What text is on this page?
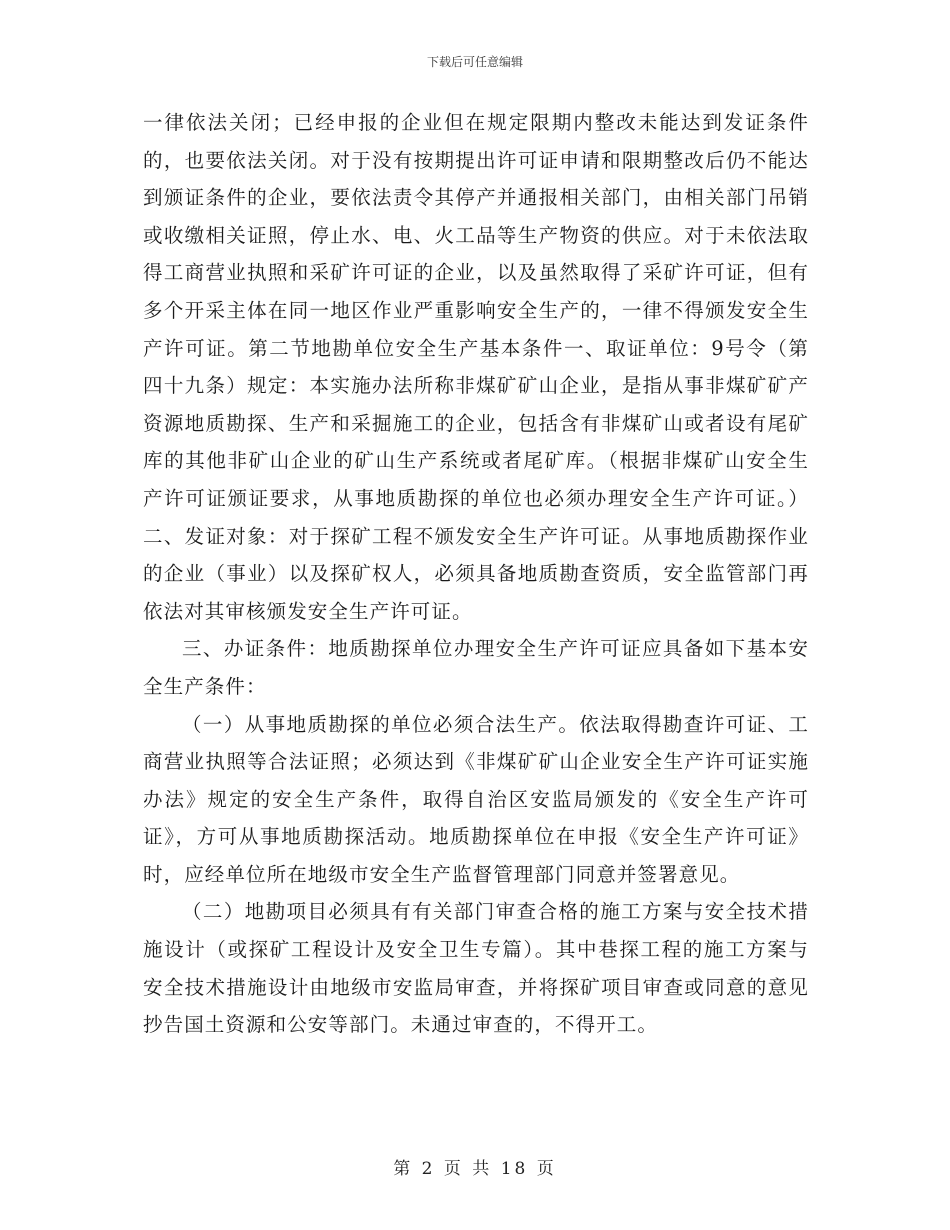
下载后可任意编辑

一律依法关闭；已经申报的企业但在规定限期内整改未能达到发证条件的，也要依法关闭。对于没有按期提出许可证申请和限期整改后仍不能达到颁证条件的企业，要依法责令其停产并通报相关部门，由相关部门吊销或收缴相关证照，停止水、电、火工品等生产物资的供应。对于未依法取得工商营业执照和采矿许可证的企业，以及虽然取得了采矿许可证，但有多个开采主体在同一地区作业严重影响安全生产的，一律不得颁发安全生产许可证。第二节地勘单位安全生产基本条件一、取证单位：9号令（第四十九条）规定：本实施办法所称非煤矿矿山企业，是指从事非煤矿矿产资源地质勘探、生产和采掘施工的企业，包括含有非煤矿山或者设有尾矿库的其他非矿山企业的矿山生产系统或者尾矿库。（根据非煤矿山安全生产许可证颁证要求，从事地质勘探的单位也必须办理安全生产许可证。）二、发证对象：对于探矿工程不颁发安全生产许可证。从事地质勘探作业的企业（事业）以及探矿权人，必须具备地质勘查资质，安全监管部门再依法对其审核颁发安全生产许可证。

三、办证条件：地质勘探单位办理安全生产许可证应具备如下基本安全生产条件：

（一）从事地质勘探的单位必须合法生产。依法取得勘查许可证、工商营业执照等合法证照；必须达到《非煤矿矿山企业安全生产许可证实施办法》规定的安全生产条件，取得自治区安监局颁发的《安全生产许可证》，方可从事地质勘探活动。地质勘探单位在申报《安全生产许可证》时，应经单位所在地级市安全生产监督管理部门同意并签署意见。

（二）地勘项目必须具有有关部门审查合格的施工方案与安全技术措施设计（或探矿工程设计及安全卫生专篇）。其中巷探工程的施工方案与安全技术措施设计由地级市安监局审查，并将探矿项目审查或同意的意见抄告国土资源和公安等部门。未通过审查的，不得开工。

第 2 页 共 18 页
